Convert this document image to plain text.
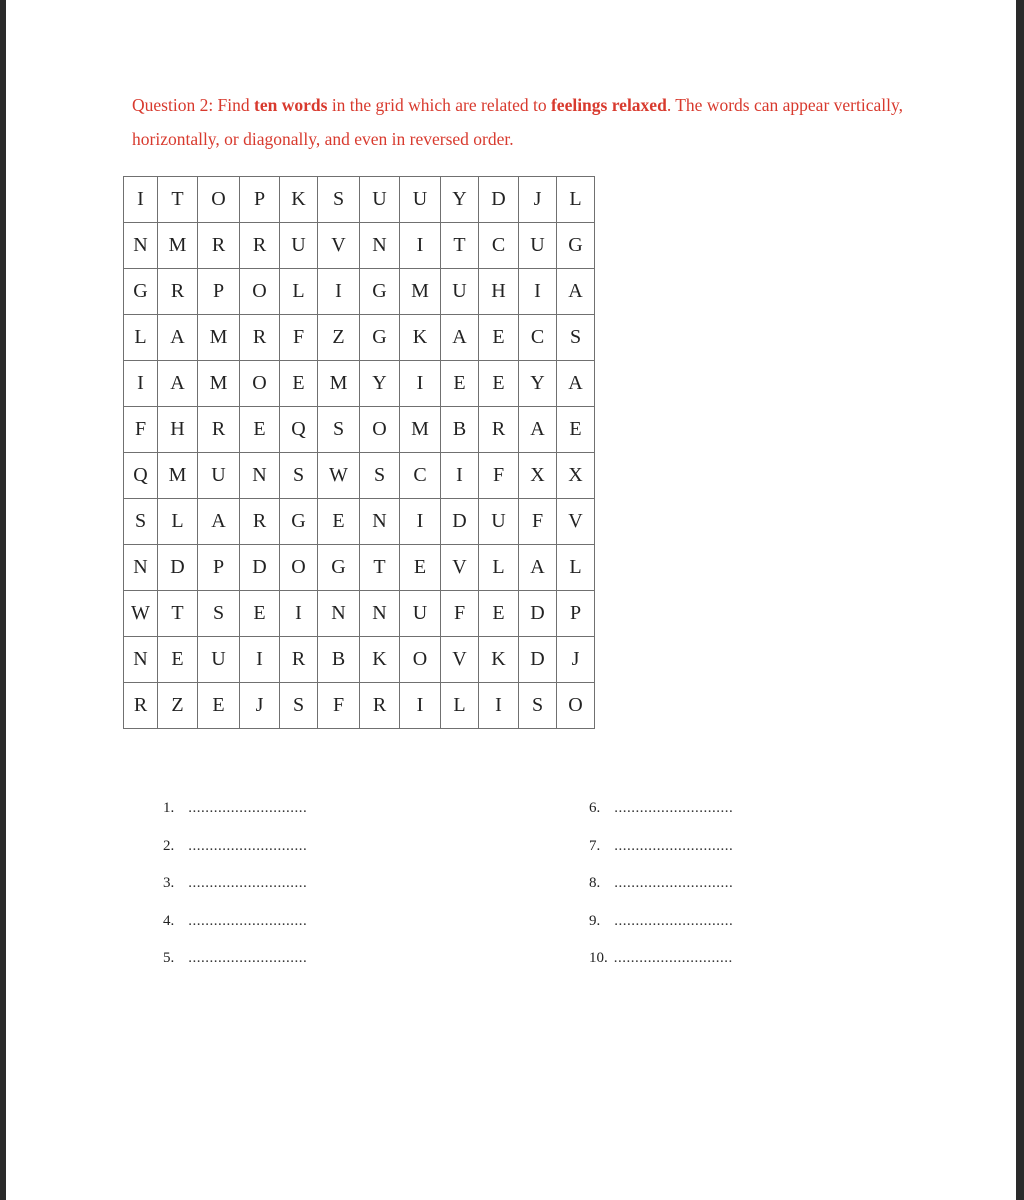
Question 2: Find ten words in the grid which are related to feelings relaxed. The words can appear vertically, horizontally, or diagonally, and even in reversed order.
I	T	O	P	K	S	U	U	Y	D	J	L
N	M	R	R	U	V	N	I	T	C	U	G
G	R	P	O	L	I	G	M	U	H	I	A
L	A	M	R	F	Z	G	K	A	E	C	S
I	A	M	O	E	M	Y	I	E	E	Y	A
F	H	R	E	Q	S	O	M	B	R	A	E
Q	M	U	N	S	W	S	C	I	F	X	X
S	L	A	R	G	E	N	I	D	U	F	V
N	D	P	D	O	G	T	E	V	L	A	L
W	T	S	E	I	N	N	U	F	E	D	P
N	E	U	I	R	B	K	O	V	K	D	J
R	Z	E	J	S	F	R	I	L	I	S	O
1. ............................
2. ............................
3. ............................
4. ............................
5. ............................
6. ............................
7. ............................
8. ............................
9. ............................
10. ............................
